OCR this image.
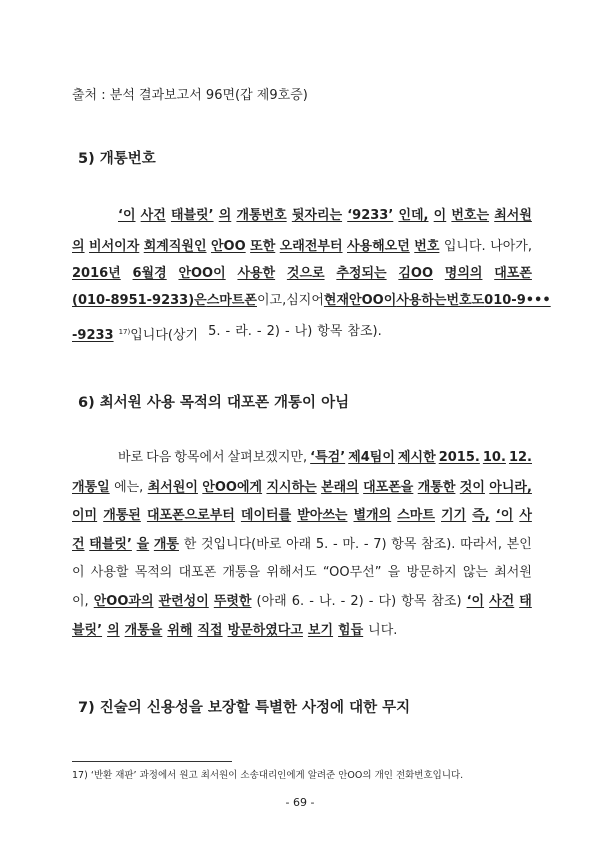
출처 : 분석 결과보고서 96면(갑 제9호증)
5) 개통번호
‘이 사건 태블릿’ 의 개통번호 뒷자리는 ‘9233’ 인데, 이 번호는 최서원
의 비서이자 회계직원인 안OO 또한 오래전부터 사용해오던 번호 입니다. 나아가,
2016년 6월경 안OO이 사용한 것으로 추정되는 김OO 명의의 대포폰
(010-8951-9233)은 스마트폰 이고, 심지어 현재 안OO이 사용하는 번호도 010-9•••
-9233 $^{17)}$입니다(상기 5. - 라. - 2) - 나) 항목 참조).
6) 최서원 사용 목적의 대포폰 개통이 아님
바로 다음 항목에서 살펴보겠지만, ‘특검’ 제4팀이 제시한 2015. 10. 12.
개통일 에는, 최서원이 안OO에게 지시하는 본래의 대포폰을 개통한 것이 아니라,
이미 개통된 대포폰으로부터 데이터를 받아쓰는 별개의 스마트 기기 즉, ‘이 사
건 태블릿’ 을 개통 한 것입니다(바로 아래 5. - 마. - 7) 항목 참조). 따라서, 본인
이 사용할 목적의 대포폰 개통을 위해서도 “OO무선” 을 방문하지 않는 최서원
이, 안OO과의 관련성이 뚜렷한 (아래 6. - 나. - 2) - 다) 항목 참조) ‘이 사건 태
블릿’ 의 개통을 위해 직접 방문하였다고 보기 힘듭 니다.
7) 진술의 신용성을 보장할 특별한 사정에 대한 무지
17) ‘반환 재판’ 과정에서 원고 최서원이 소송대리인에게 알려준 안OO의 개인 전화번호입니다.
- 69 -
